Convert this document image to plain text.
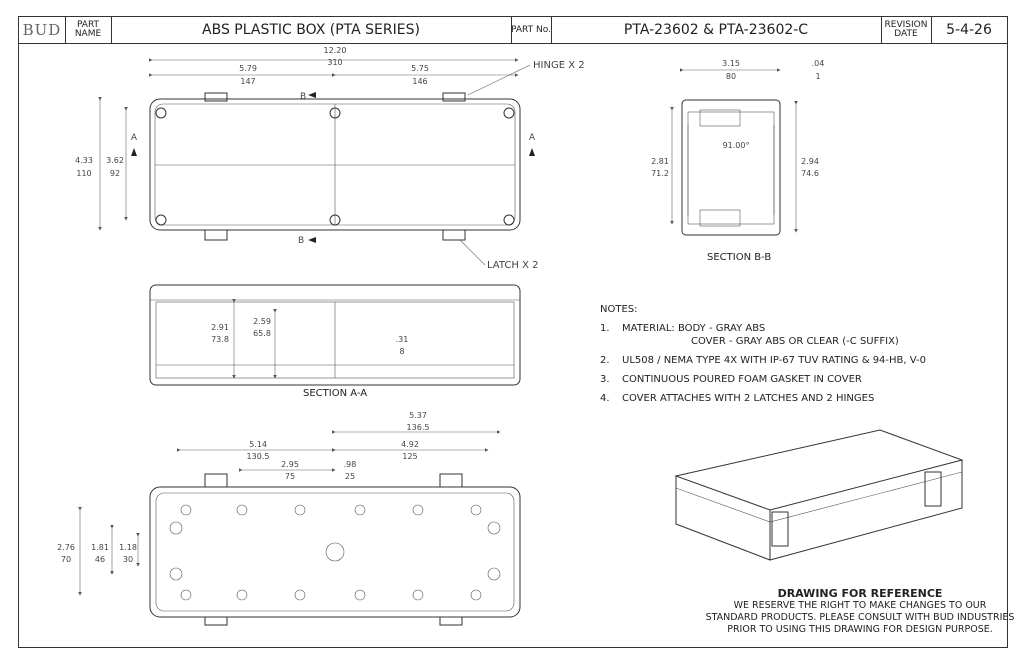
BUD	PART NAME	ABS PLASTIC BOX (PTA SERIES)	PART No.	PTA-23602 & PTA-23602-C	REVISION DATE	5-4-26
12.20
310
5.79
147
5.75
146
4.33
110
3.62
92
HINGE X 2
LATCH X 2
A	A
B
B
3.15
80
.04
1
2.81
71.2
2.94
74.6
91.00°
2.91
73.8
2.59
65.8
.31
8
5.37
136.5
5.14
130.5
4.92
125
2.95
75
.98
25
2.76
70
1.81
46
1.18
30
SECTION B-B
SECTION A-A
NOTES:
1.	MATERIAL: BODY - GRAY ABS
COVER - GRAY ABS OR CLEAR (-C SUFFIX)
2.	UL508 / NEMA TYPE 4X WITH IP-67 TUV RATING & 94-HB, V-0
3.	CONTINUOUS POURED FOAM GASKET IN COVER
4.	COVER ATTACHES WITH 2 LATCHES AND 2 HINGES
DRAWING FOR REFERENCE
WE RESERVE THE RIGHT TO MAKE CHANGES TO OUR
STANDARD PRODUCTS. PLEASE CONSULT WITH BUD INDUSTRIES
PRIOR TO USING THIS DRAWING FOR DESIGN PURPOSE.
